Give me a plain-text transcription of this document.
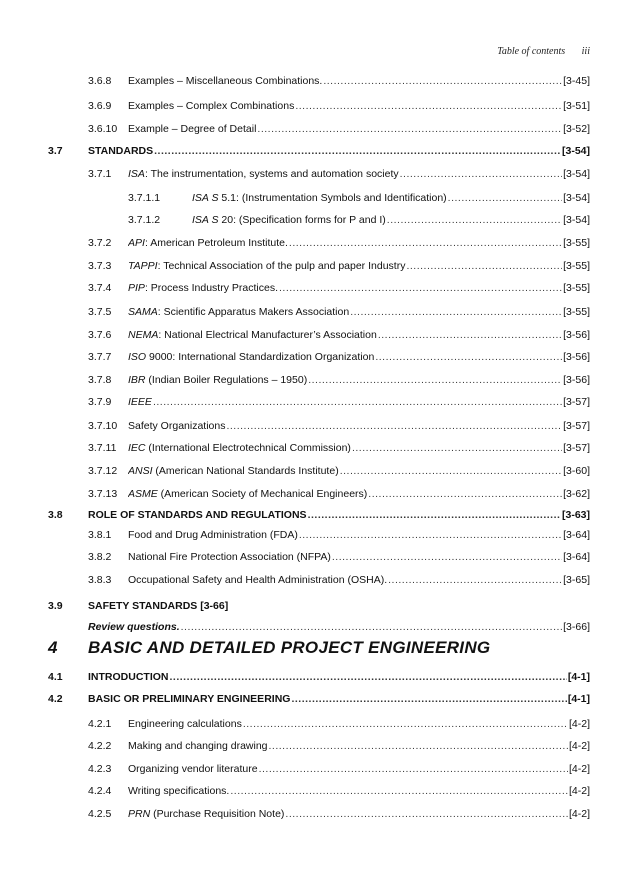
Table of contents iii
3.6.8 Examples – Miscellaneous Combinations. .....	[3-45]
3.6.9 Examples – Complex Combinations .....	[3-51]
3.6.10 Example – Degree of Detail .....	[3-52]
3.7 STANDARDS .....	[3-54]
3.7.1 ISA: The instrumentation, systems and automation society .....	[3-54]
3.7.1.1	ISA S 5.1: (Instrumentation Symbols and Identification) .....	[3-54]
3.7.1.2	ISA S 20: (Specification forms for P and I) .....	[3-54]
3.7.2 API: American Petroleum Institute. .....	[3-55]
3.7.3 TAPPI: Technical Association of the pulp and paper Industry .....	[3-55]
3.7.4 PIP: Process Industry Practices. .....	[3-55]
3.7.5 SAMA: Scientific Apparatus Makers Association .....	[3-55]
3.7.6 NEMA: National Electrical Manufacturer’s Association .....	[3-56]
3.7.7 ISO 9000: International Standardization Organization .....	[3-56]
3.7.8 IBR (Indian Boiler Regulations – 1950) .....	[3-56]
3.7.9 IEEE .....	[3-57]
3.7.10 Safety Organizations .....	[3-57]
3.7.11 IEC (International Electrotechnical Commission) .....	[3-57]
3.7.12 ANSI (American National Standards Institute) .....	[3-60]
3.7.13 ASME (American Society of Mechanical Engineers) .....	[3-62]
3.8 ROLE OF STANDARDS AND REGULATIONS .....	[3-63]
3.8.1 Food and Drug Administration (FDA) .....	[3-64]
3.8.2 National Fire Protection Association (NFPA) .....	[3-64]
3.8.3 Occupational Safety and Health Administration (OSHA). .....	[3-65]
3.9 SAFETY STANDARDS [3-66]
Review questions. .....	[3-66]
4 BASIC AND DETAILED PROJECT ENGINEERING
4.1 INTRODUCTION .....	[4-1]
4.2 BASIC OR PRELIMINARY ENGINEERING .....	[4-1]
4.2.1 Engineering calculations .....	[4-2]
4.2.2 Making and changing drawing .....	[4-2]
4.2.3 Organizing vendor literature .....	[4-2]
4.2.4 Writing specifications. .....	[4-2]
4.2.5 PRN (Purchase Requisition Note) .....	[4-2]
